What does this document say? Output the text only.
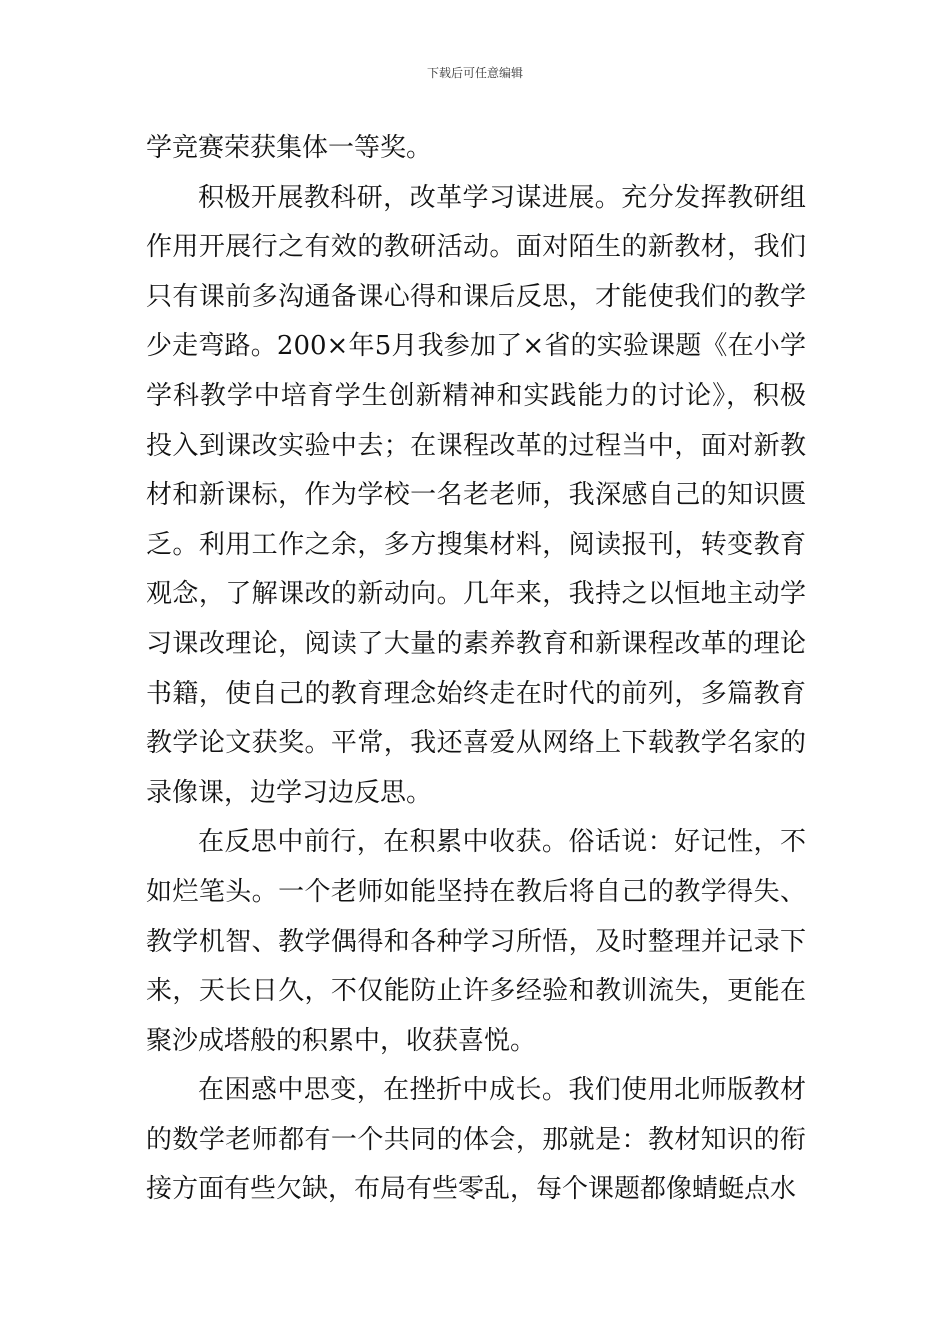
下载后可任意编辑

学竞赛荣获集体一等奖。

积极开展教科研，改革学习谋进展。充分发挥教研组作用开展行之有效的教研活动。面对陌生的新教材，我们只有课前多沟通备课心得和课后反思，才能使我们的教学少走弯路。200×年5月我参加了×省的实验课题《在小学学科教学中培育学生创新精神和实践能力的讨论》，积极投入到课改实验中去；在课程改革的过程当中，面对新教材和新课标，作为学校一名老老师，我深感自己的知识匮乏。利用工作之余，多方搜集材料，阅读报刊，转变教育观念，了解课改的新动向。几年来，我持之以恒地主动学习课改理论，阅读了大量的素养教育和新课程改革的理论书籍，使自己的教育理念始终走在时代的前列，多篇教育教学论文获奖。平常，我还喜爱从网络上下载教学名家的录像课，边学习边反思。

在反思中前行，在积累中收获。俗话说：好记性，不如烂笔头。一个老师如能坚持在教后将自己的教学得失、教学机智、教学偶得和各种学习所悟，及时整理并记录下来，天长日久，不仅能防止许多经验和教训流失，更能在聚沙成塔般的积累中，收获喜悦。

在困惑中思变，在挫折中成长。我们使用北师版教材的数学老师都有一个共同的体会，那就是：教材知识的衔接方面有些欠缺，布局有些零乱，每个课题都像蜻蜓点水
